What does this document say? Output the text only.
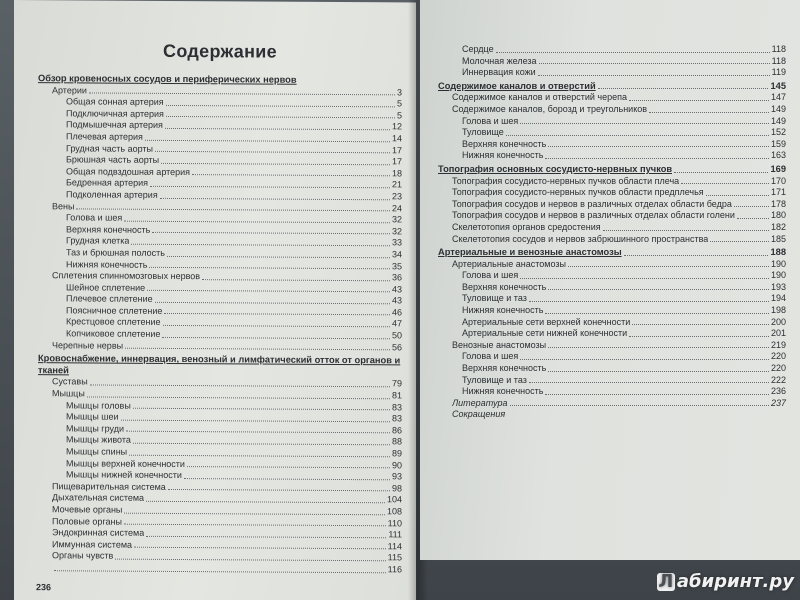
Содержание
Обзор кровеносных сосудов и периферических нервов
Артерии	3
Общая сонная артерия	5
Подключичная артерия	5
Подмышечная артерия	12
Плечевая артерия	14
Грудная часть аорты	17
Брюшная часть аорты	17
Общая подвздошная артерия	18
Бедренная артерия	21
Подколенная артерия	23
Вены	24
Голова и шея	32
Верхняя конечность	32
Грудная клетка	33
Таз и брюшная полость	34
Нижняя конечность	35
Сплетения спинномозговых нервов	36
Шейное сплетение	43
Плечевое сплетение	43
Поясничное сплетение	46
Крестцовое сплетение	47
Копчиковое сплетение	50
Черепные нервы	56
Кровоснабжение, иннервация, венозный и лимфатический отток от органов и тканей
Суставы	79
Мышцы	81
Мышцы головы	83
Мышцы шеи	83
Мышцы груди	86
Мышцы живота	88
Мышцы спины	89
Мышцы верхней конечности	90
Мышцы нижней конечности	93
Пищеварительная система	98
Дыхательная система	104
Мочевые органы	108
Половые органы	110
Эндокринная система	111
Иммунная система	114
Органы чувств	115
116
236
Сердце	118
Молочная железа	118
Иннервация кожи	119
Содержимое каналов и отверстий	145
Содержимое каналов и отверстий черепа	147
Содержимое каналов, борозд и треугольников	149
Голова и шея	149
Туловище	152
Верхняя конечность	159
Нижняя конечность	163
Топография основных сосудисто-нервных пучков	169
Топография сосудисто-нервных пучков области плеча	170
Топография сосудисто-нервных пучков области предплечья	171
Топография сосудов и нервов в различных отделах области бедра	178
Топография сосудов и нервов в различных отделах области голени	180
Скелетотопия органов средостения	182
Скелетотопия сосудов и нервов забрюшинного пространства	185
Артериальные и венозные анастомозы	188
Артериальные анастомозы	190
Голова и шея	190
Верхняя конечность	193
Туловище и таз	194
Нижняя конечность	198
Артериальные сети верхней конечности	200
Артериальные сети нижней конечности	201
Венозные анастомозы	219
Голова и шея	220
Верхняя конечность	220
Туловище и таз	222
Нижняя конечность	236
Литература	237
Сокращения
Л абиринт.ру
